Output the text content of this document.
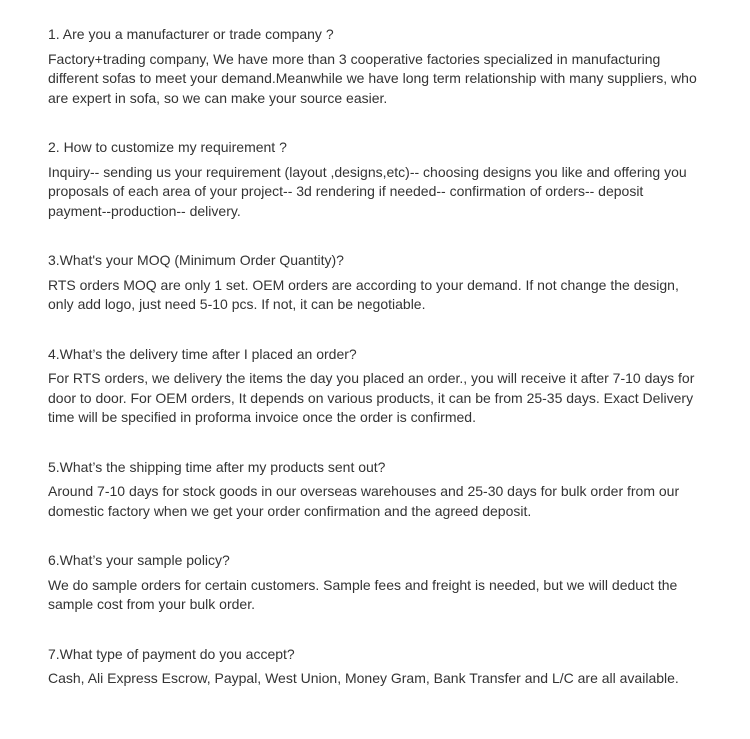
1. Are you a manufacturer or trade company ?

Factory+trading company, We have more than 3 cooperative factories specialized in manufacturing different sofas to meet your demand.Meanwhile we have long term relationship with many suppliers, who are expert in sofa, so we can make your source easier.

2. How to customize my requirement ?

Inquiry-- sending us your requirement (layout ,designs,etc)-- choosing designs you like and offering you proposals of each area of your project-- 3d rendering if needed-- confirmation of orders-- deposit payment--production-- delivery.

3.What's your MOQ (Minimum Order Quantity)?

RTS orders MOQ are only 1 set. OEM orders are according to your demand. If not change the design, only add logo, just need 5-10 pcs. If not, it can be negotiable.

4.What’s the delivery time after I placed an order?

For RTS orders, we delivery the items the day you placed an order., you will receive it after 7-10 days for door to door. For OEM orders, It depends on various products, it can be from 25-35 days. Exact Delivery time will be specified in proforma invoice once the order is confirmed.

5.What’s the shipping time after my products sent out?

Around 7-10 days for stock goods in our overseas warehouses and 25-30 days for bulk order from our domestic factory when we get your order confirmation and the agreed deposit.

6.What’s your sample policy?

We do sample orders for certain customers. Sample fees and freight is needed, but we will deduct the sample cost from your bulk order.

7.What type of payment do you accept?

Cash, Ali Express Escrow, Paypal, West Union, Money Gram, Bank Transfer and L/C are all available.
